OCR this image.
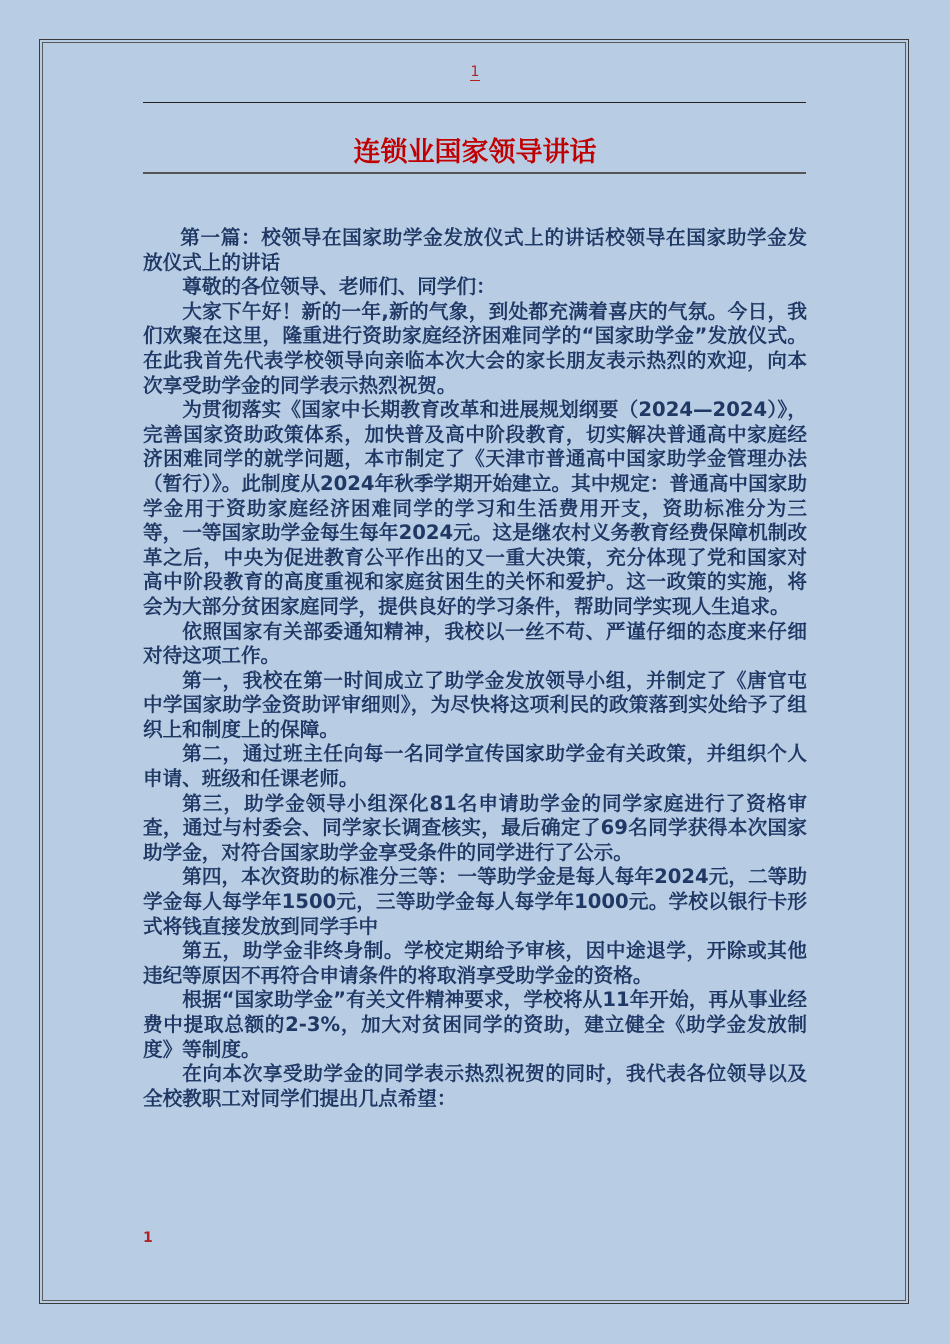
1
连锁业国家领导讲话

第一篇：校领导在国家助学金发放仪式上的讲话校领导在国家助学金发放仪式上的讲话

尊敬的各位领导、老师们、同学们：

大家下午好！新的一年,新的气象，到处都充满着喜庆的气氛。今日，我们欢聚在这里，隆重进行资助家庭经济困难同学的“国家助学金”发放仪式。在此我首先代表学校领导向亲临本次大会的家长朋友表示热烈的欢迎，向本次享受助学金的同学表示热烈祝贺。

为贯彻落实《国家中长期教育改革和进展规划纲要（2024—2024）》，完善国家资助政策体系，加快普及高中阶段教育，切实解决普通高中家庭经济困难同学的就学问题，本市制定了《天津市普通高中国家助学金管理办法（暂行）》。此制度从2024年秋季学期开始建立。其中规定：普通高中国家助学金用于资助家庭经济困难同学的学习和生活费用开支，资助标准分为三等，一等国家助学金每生每年2024元。这是继农村义务教育经费保障机制改革之后，中央为促进教育公平作出的又一重大决策，充分体现了党和国家对高中阶段教育的高度重视和家庭贫困生的关怀和爱护。这一政策的实施，将会为大部分贫困家庭同学，提供良好的学习条件，帮助同学实现人生追求。

依照国家有关部委通知精神，我校以一丝不苟、严谨仔细的态度来仔细对待这项工作。

第一，我校在第一时间成立了助学金发放领导小组，并制定了《唐官屯中学国家助学金资助评审细则》，为尽快将这项利民的政策落到实处给予了组织上和制度上的保障。

第二，通过班主任向每一名同学宣传国家助学金有关政策，并组织个人申请、班级和任课老师。

第三，助学金领导小组深化81名申请助学金的同学家庭进行了资格审查，通过与村委会、同学家长调查核实，最后确定了69名同学获得本次国家助学金，对符合国家助学金享受条件的同学进行了公示。

第四，本次资助的标准分三等：一等助学金是每人每年2024元，二等助学金每人每学年1500元，三等助学金每人每学年1000元。学校以银行卡形式将钱直接发放到同学手中

第五，助学金非终身制。学校定期给予审核，因中途退学，开除或其他违纪等原因不再符合申请条件的将取消享受助学金的资格。

根据“国家助学金”有关文件精神要求，学校将从11年开始，再从事业经费中提取总额的2-3%，加大对贫困同学的资助，建立健全《助学金发放制度》等制度。

在向本次享受助学金的同学表示热烈祝贺的同时，我代表各位领导以及全校教职工对同学们提出几点希望：

1
